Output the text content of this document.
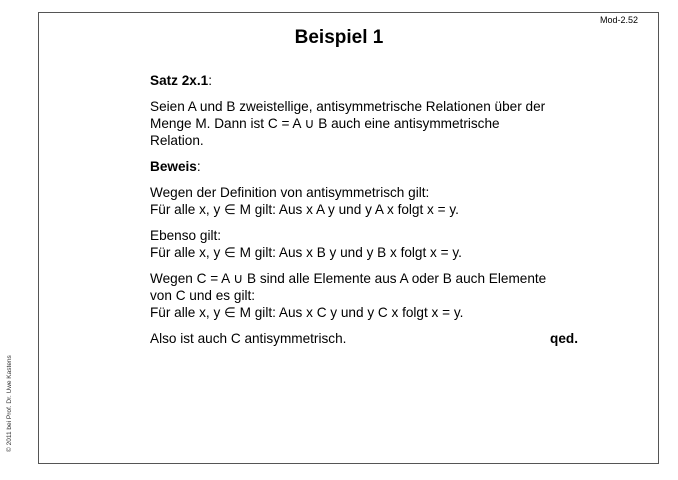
Mod-2.52
Beispiel 1
© 2011 bei Prof. Dr. Uwe Kastens

Satz 2x.1:

Seien A und B zweistellige, antisymmetrische Relationen über der
Menge M. Dann ist C = A ∪ B auch eine antisymmetrische
Relation.

Beweis:

Wegen der Definition von antisymmetrisch gilt:
Für alle x, y ∈ M gilt: Aus x A y und y A x folgt x = y.

Ebenso gilt:
Für alle x, y ∈ M gilt: Aus x B y und y B x folgt x = y.

Wegen C = A ∪ B sind alle Elemente aus A oder B auch Elemente
von C und es gilt:
Für alle x, y ∈ M gilt: Aus x C y und y C x folgt x = y.

Also ist auch C antisymmetrisch.	qed.
